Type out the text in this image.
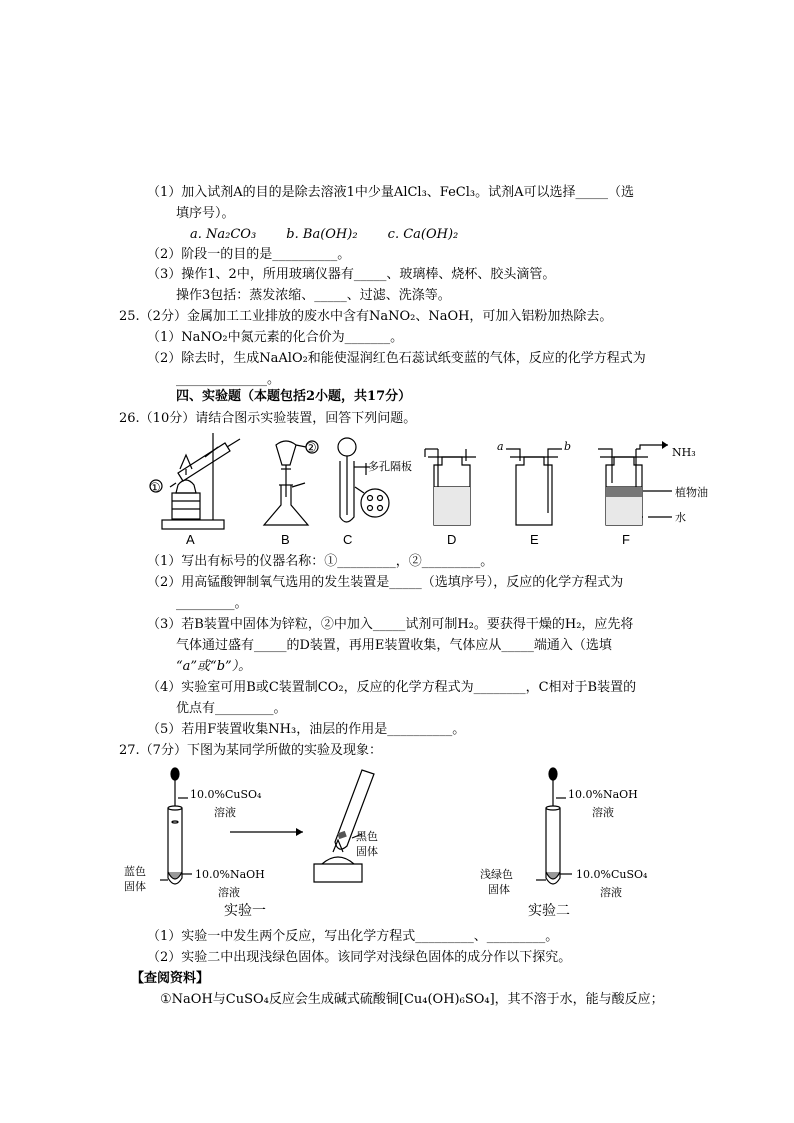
（1）加入试剂A的目的是除去溶液1中少量AlCl₃、FeCl₃。试剂A可以选择_____（选
填序号）。
a. Na₂CO₃　　 b. Ba(OH)₂　　 c. Ca(OH)₂
（2）阶段一的目的是__________。
（3）操作1、2中，所用玻璃仪器有_____、玻璃棒、烧杯、胶头滴管。
操作3包括：蒸发浓缩、_____、过滤、洗涤等。
25.（2分）金属加工工业排放的废水中含有NaNO₂、NaOH，可加入铝粉加热除去。
（1）NaNO₂中氮元素的化合价为_______。
（2）除去时，生成NaAlO₂和能使湿润红色石蕊试纸变蓝的气体，反应的化学方程式为
______________。
四、实验题（本题包括2小题，共17分）
26.（10分）请结合图示实验装置，回答下列问题。
①
②
多孔隔板
a	b	NH₃
植物油
水
A	B	C	D	E	F
（1）写出有标号的仪器名称：①_________，②_________。
（2）用高锰酸钾制氧气选用的发生装置是_____（选填序号），反应的化学方程式为
_________。
（3）若B装置中固体为锌粒，②中加入_____试剂可制H₂。要获得干燥的H₂，应先将
气体通过盛有_____的D装置，再用E装置收集，气体应从_____端通入（选填
“a”或“b”）。
（4）实验室可用B或C装置制CO₂，反应的化学方程式为________，C相对于B装置的
优点有_________。
（5）若用F装置收集NH₃，油层的作用是__________。
27.（7分）下图为某同学所做的实验及现象：
10.0%CuSO₄
溶液
蓝色
固体
10.0%NaOH
溶液
黑色
固体
实验一
10.0%NaOH
溶液
浅绿色
固体
10.0%CuSO₄
溶液
实验二
（1）实验一中发生两个反应，写出化学方程式_________、_________。
（2）实验二中出现浅绿色固体。该同学对浅绿色固体的成分作以下探究。
【查阅资料】
①NaOH与CuSO₄反应会生成碱式硫酸铜[Cu₄(OH)₆SO₄]，其不溶于水，能与酸反应；
